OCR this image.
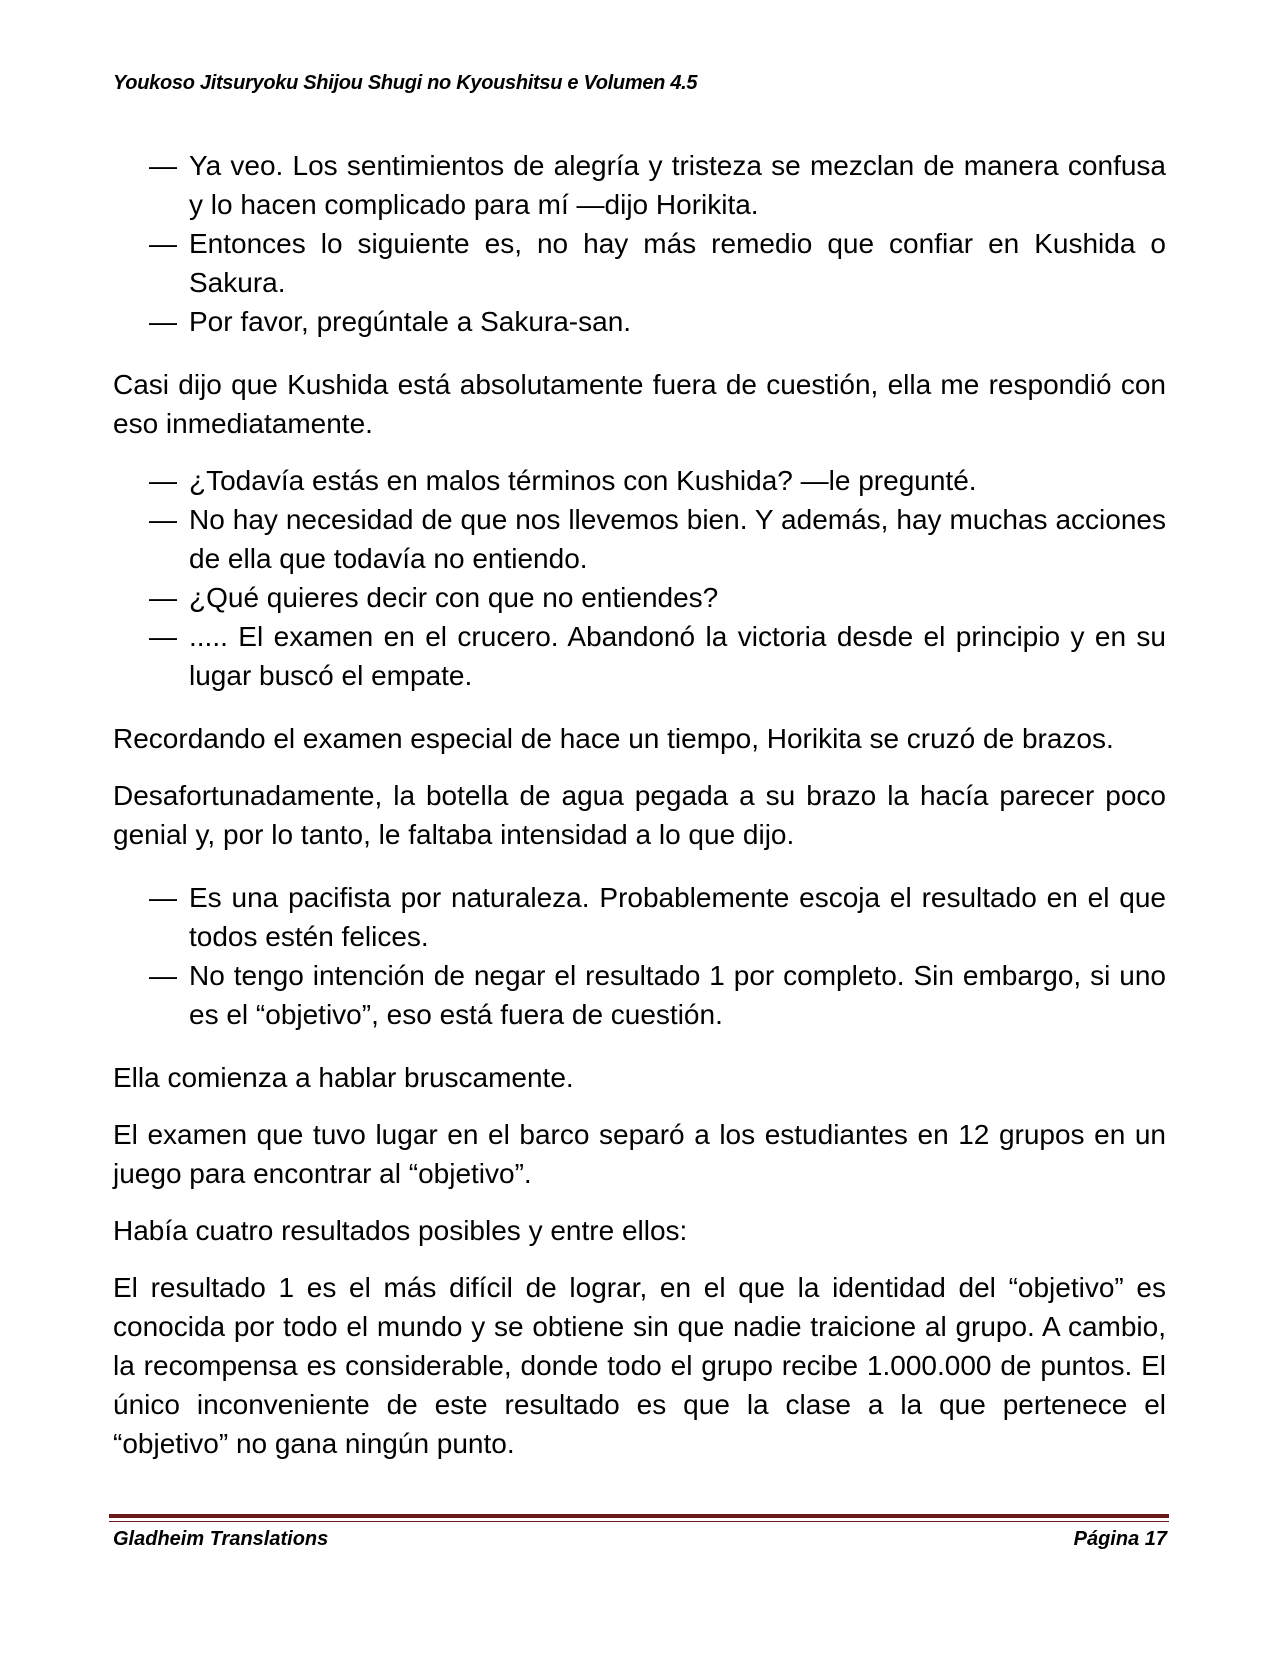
Youkoso Jitsuryoku Shijou Shugi no Kyoushitsu e Volumen 4.5
— Ya veo. Los sentimientos de alegría y tristeza se mezclan de manera confusa y lo hacen complicado para mí —dijo Horikita.
— Entonces lo siguiente es, no hay más remedio que confiar en Kushida o Sakura.
— Por favor, pregúntale a Sakura-san.

Casi dijo que Kushida está absolutamente fuera de cuestión, ella me respondió con eso inmediatamente.

— ¿Todavía estás en malos términos con Kushida? —le pregunté.
— No hay necesidad de que nos llevemos bien. Y además, hay muchas acciones de ella que todavía no entiendo.
— ¿Qué quieres decir con que no entiendes?
— ..... El examen en el crucero. Abandonó la victoria desde el principio y en su lugar buscó el empate.

Recordando el examen especial de hace un tiempo, Horikita se cruzó de brazos.

Desafortunadamente, la botella de agua pegada a su brazo la hacía parecer poco genial y, por lo tanto, le faltaba intensidad a lo que dijo.

— Es una pacifista por naturaleza. Probablemente escoja el resultado en el que todos estén felices.
— No tengo intención de negar el resultado 1 por completo. Sin embargo, si uno es el “objetivo”, eso está fuera de cuestión.

Ella comienza a hablar bruscamente.

El examen que tuvo lugar en el barco separó a los estudiantes en 12 grupos en un juego para encontrar al “objetivo”.

Había cuatro resultados posibles y entre ellos:

El resultado 1 es el más difícil de lograr, en el que la identidad del “objetivo” es conocida por todo el mundo y se obtiene sin que nadie traicione al grupo. A cambio, la recompensa es considerable, donde todo el grupo recibe 1.000.000 de puntos. El único inconveniente de este resultado es que la clase a la que pertenece el “objetivo” no gana ningún punto.

Gladheim Translations	Página 17
